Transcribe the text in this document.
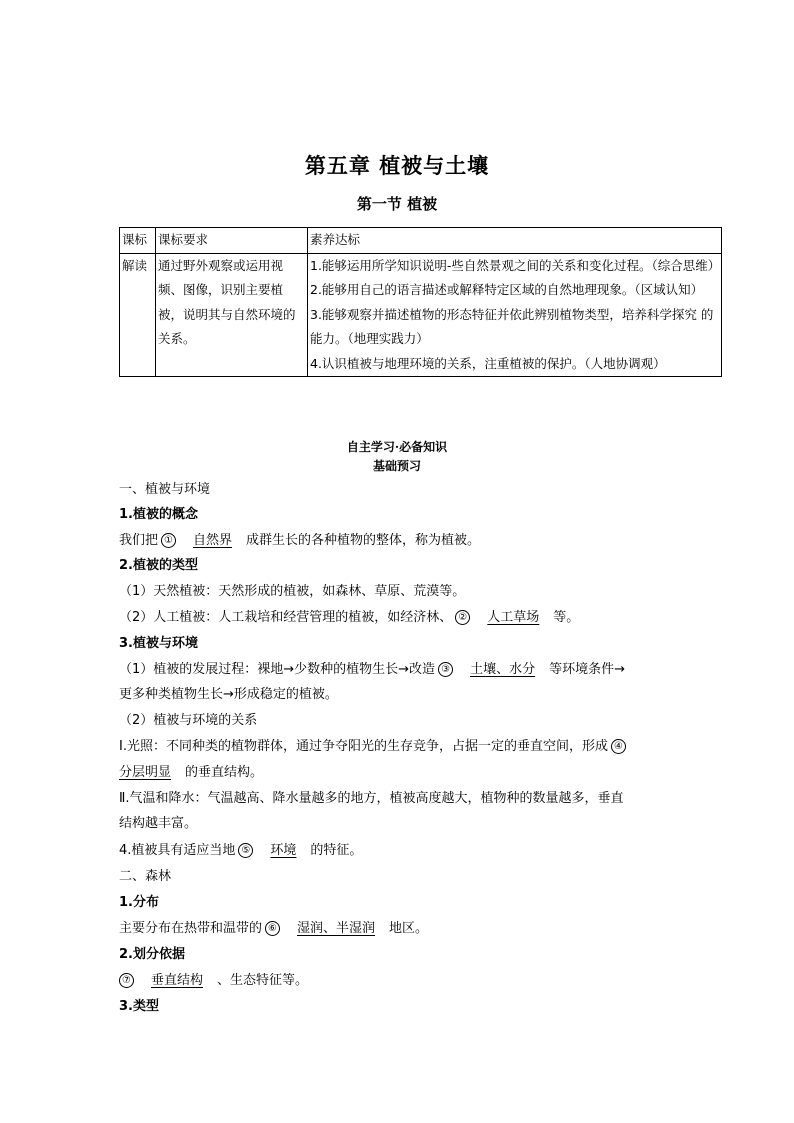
第五章 植被与土壤
第一节 植被
课标	课标要求	素养达标
解读	通过野外观察或运用视频、图像，识别主要植被，说明其与自然环境的关系。	1.能够运用所学知识说明-些自然景观之间的关系和变化过程。（综合思维）
2.能够用自己的语言描述或解释特定区域的自然地理现象。（区域认知）
3.能够观察并描述植物的形态特征并依此辨别植物类型，培养科学探究 的能力。（地理实践力）
4.认识植被与地理环境的关系，注重植被的保护。（人地协调观）
自主学习·必备知识
基础预习
一、植被与环境
1.植被的概念
我们把 ① 自然界 成群生长的各种植物的整体，称为植被。
2.植被的类型
（1）天然植被：天然形成的植被，如森林、草原、荒漠等。
（2）人工植被：人工栽培和经营管理的植被，如经济林、 ② 人工草场 等。
3.植被与环境
（1）植被的发展过程：裸地→少数种的植物生长→改造 ③ 土壤、水分 等环境条件→
更多种类植物生长→形成稳定的植被。
（2）植被与环境的关系
Ⅰ.光照：不同种类的植物群体，通过争夺阳光的生存竞争，占据一定的垂直空间，形成 ④
分层明显 的垂直结构。
Ⅱ.气温和降水：气温越高、降水量越多的地方，植被高度越大，植物种的数量越多，垂直
结构越丰富。
4.植被具有适应当地 ⑤ 环境 的特征。
二、森林
1.分布
主要分布在热带和温带的 ⑥ 湿润、半湿润 地区。
2.划分依据
⑦ 垂直结构 、生态特征等。
3.类型
